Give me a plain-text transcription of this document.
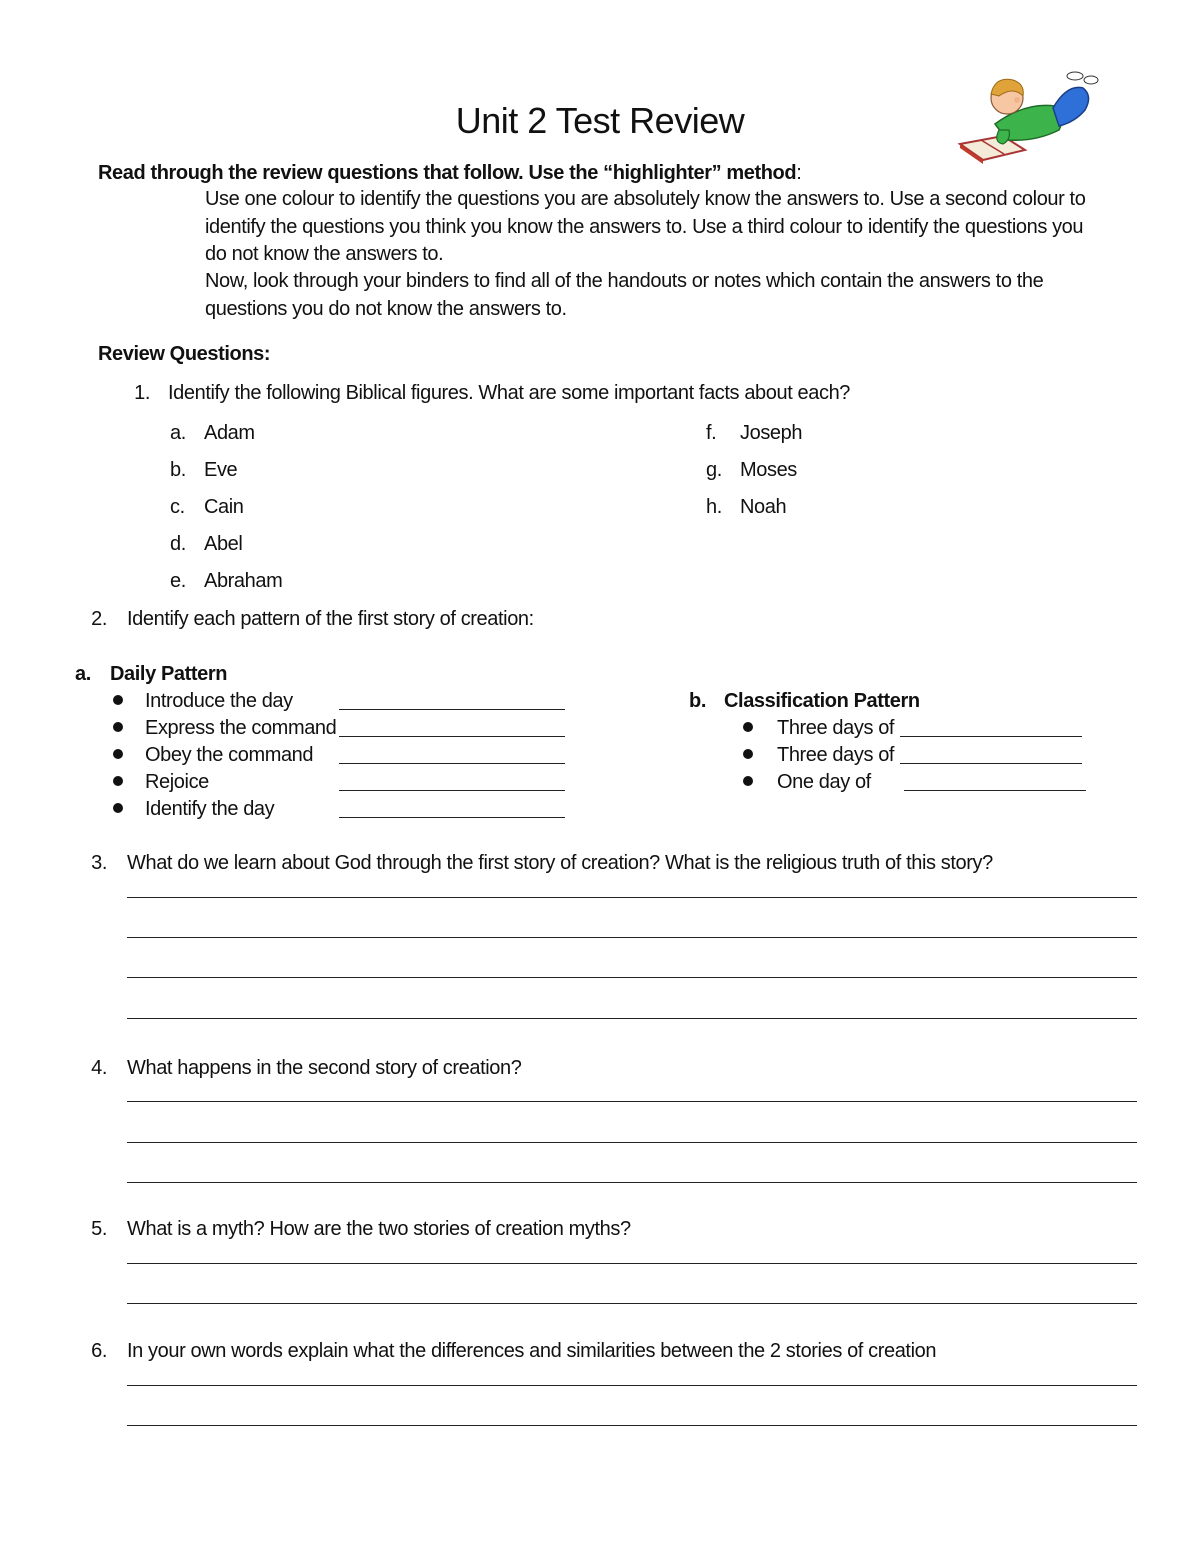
Unit 2 Test Review
Read through the review questions that follow. Use the “highlighter” method:
Use one colour to identify the questions you are absolutely know the answers to. Use a second colour to
identify the questions you think you know the answers to. Use a third colour to identify the questions you
do not know the answers to.
Now, look through your binders to find all of the handouts or notes which contain the answers to the
questions you do not know the answers to.
Review Questions:
1. Identify the following Biblical figures. What are some important facts about each?
a. Adam
b. Eve
c. Cain
d. Abel
e. Abraham
f. Joseph
g. Moses
h. Noah
2. Identify each pattern of the first story of creation:
a. Daily Pattern
Introduce the day
Express the command
Obey the command
Rejoice
Identify the day
b. Classification Pattern
Three days of
Three days of
One day of
3. What do we learn about God through the first story of creation? What is the religious truth of this story?
4. What happens in the second story of creation?
5. What is a myth? How are the two stories of creation myths?
6. In your own words explain what the differences and similarities between the 2 stories of creation
